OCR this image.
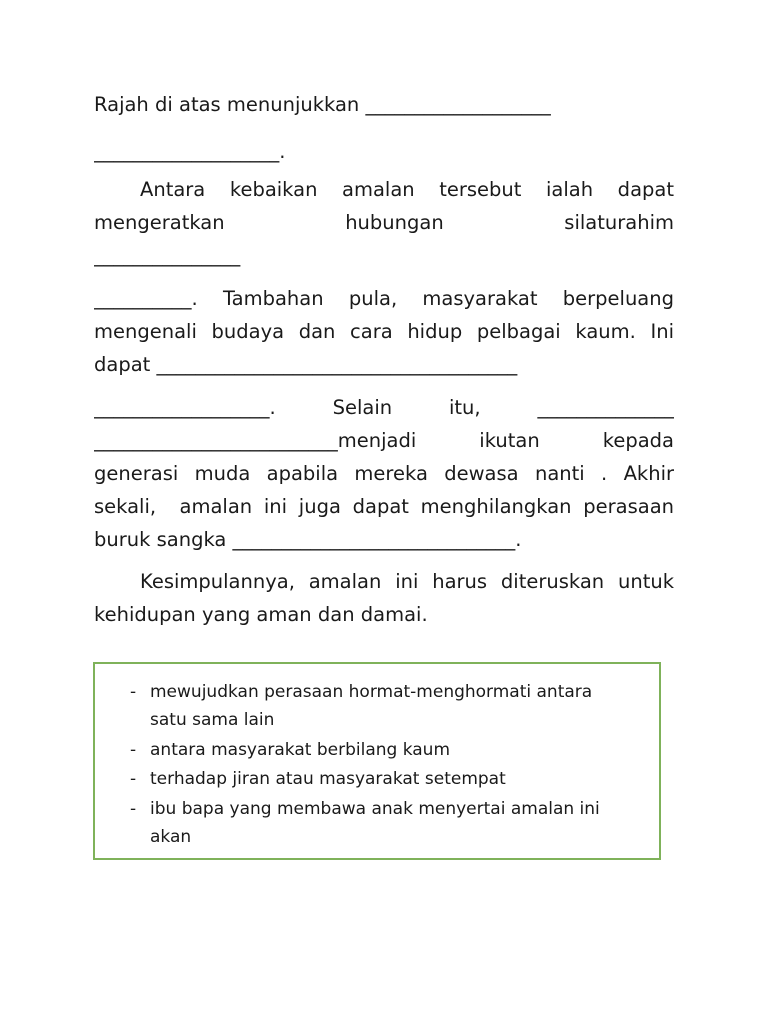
Rajah di atas menunjukkan ___________________
___________________.
Antara kebaikan amalan tersebut ialah dapat
mengeratkan hubungan silaturahim
_______________
__________. Tambahan pula, masyarakat berpeluang
mengenali budaya dan cara hidup pelbagai kaum. Ini
dapat _____________________________________
__________________. Selain itu, ______________
_________________________menjadi ikutan kepada
generasi muda apabila mereka dewasa nanti . Akhir
sekali,  amalan ini juga dapat menghilangkan perasaan
buruk sangka _____________________________.
Kesimpulannya, amalan ini harus diteruskan untuk
kehidupan yang aman dan damai.
- mewujudkan perasaan hormat-menghormati antara
satu sama lain
- antara masyarakat berbilang kaum
- terhadap jiran atau masyarakat setempat
- ibu bapa yang membawa anak menyertai amalan ini
akan
